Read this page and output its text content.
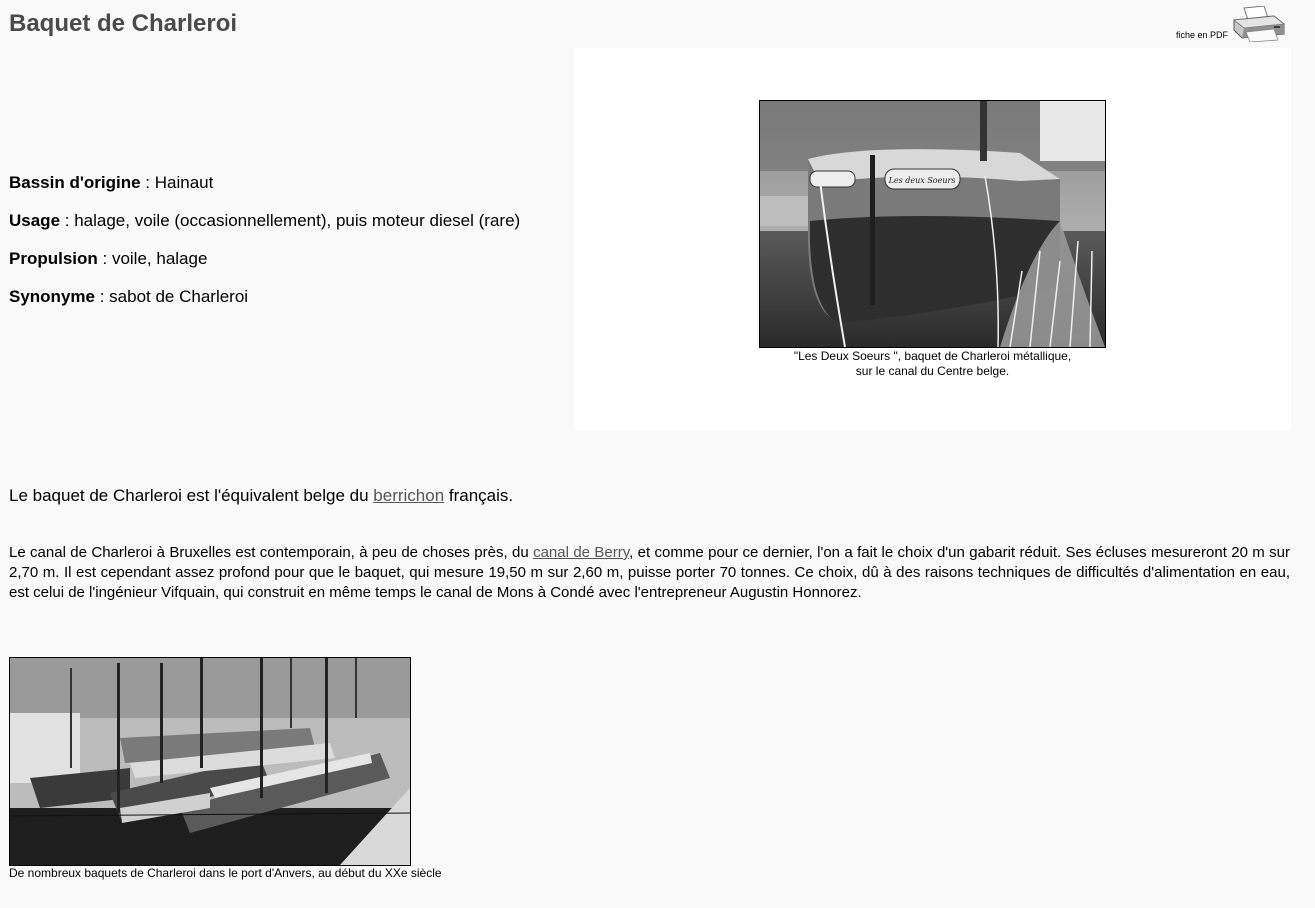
Baquet de Charleroi	fiche en PDF

Bassin d'origine : Hainaut

Usage : halage, voile (occasionnellement), puis moteur diesel (rare)

Propulsion : voile, halage

Synonyme : sabot de Charleroi

Les deux Soeurs
"Les Deux Soeurs ", baquet de Charleroi métallique,
sur le canal du Centre belge.

Le baquet de Charleroi est l'équivalent belge du berrichon français.

Le canal de Charleroi à Bruxelles est contemporain, à peu de choses près, du canal de Berry, et comme pour ce dernier, l'on a fait le choix d'un gabarit réduit. Ses écluses mesureront 20 m sur 2,70 m. Il est cependant assez profond pour que le baquet, qui mesure 19,50 m sur 2,60 m, puisse porter 70 tonnes. Ce choix, dû à des raisons techniques de difficultés d'alimentation en eau, est celui de l'ingénieur Vifquain, qui construit en même temps le canal de Mons à Condé avec l'entrepreneur Augustin Honnorez.

De nombreux baquets de Charleroi dans le port d'Anvers, au début du XXe siècle
